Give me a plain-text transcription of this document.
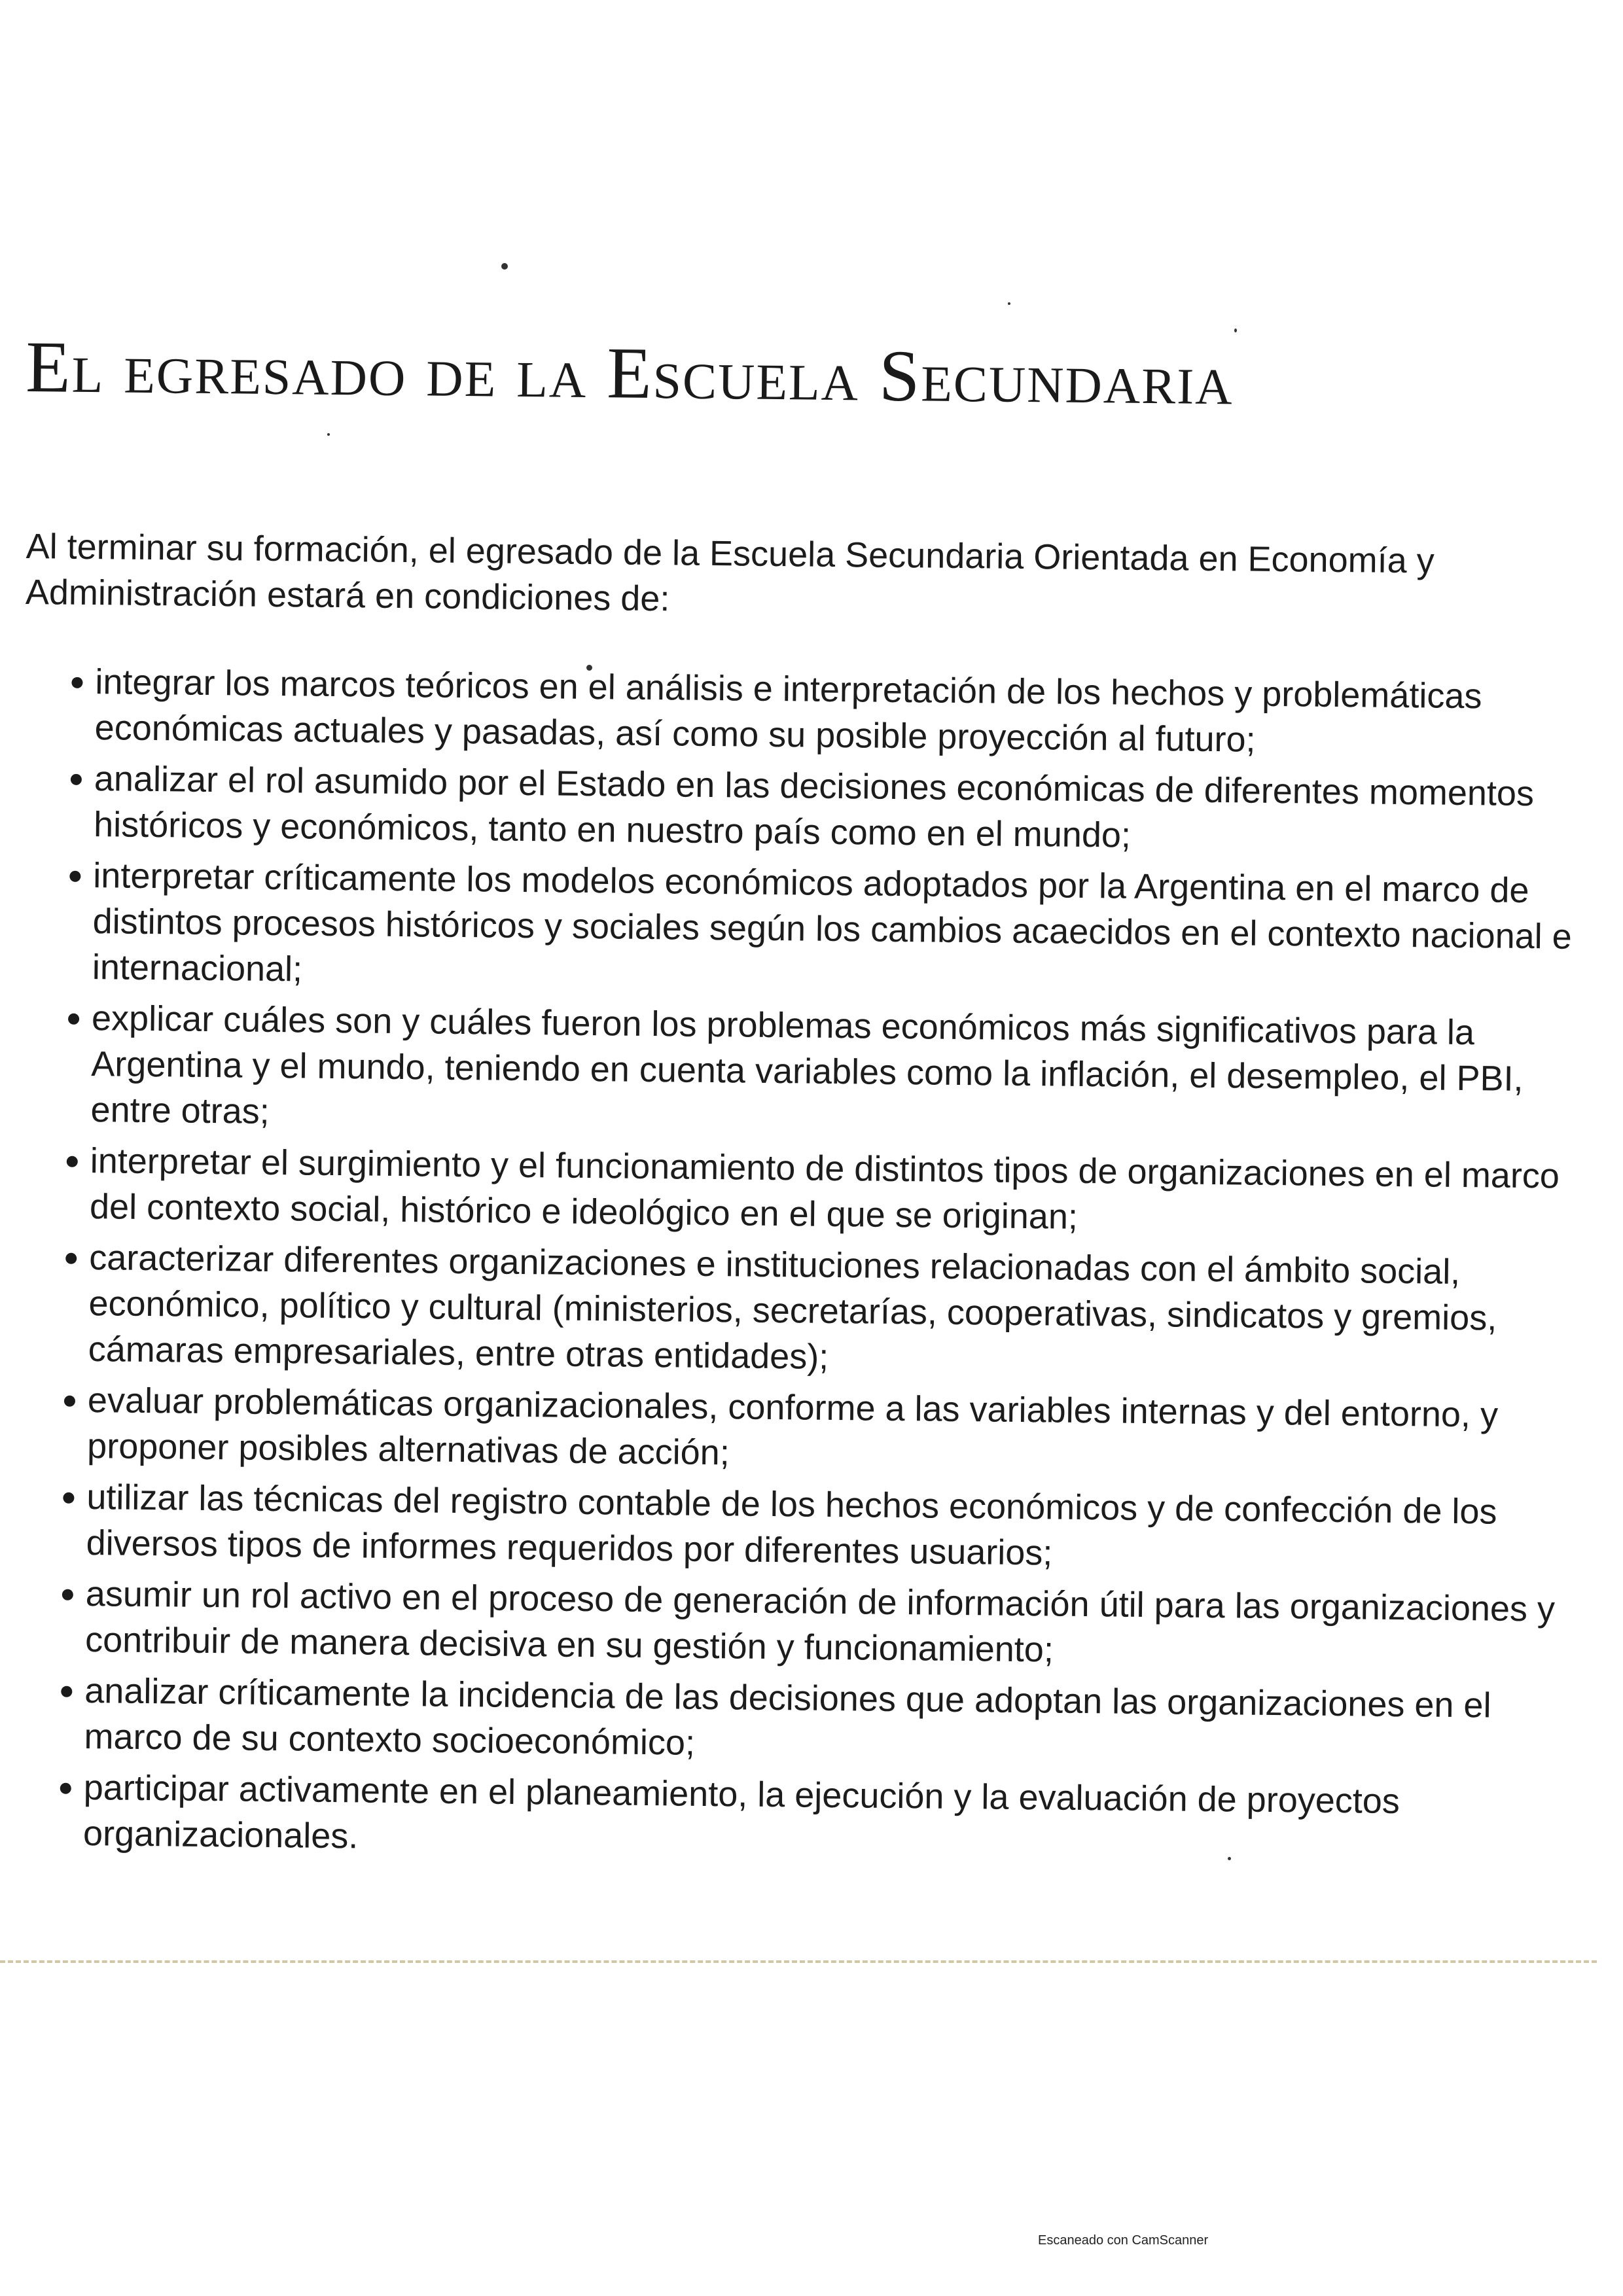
El egresado de la Escuela Secundaria

Al terminar su formación, el egresado de la Escuela Secundaria Orientada en Economía y Administración estará en condiciones de:

integrar los marcos teóricos en el análisis e interpretación de los hechos y problemáticas económicas actuales y pasadas, así como su posible proyección al futuro;
analizar el rol asumido por el Estado en las decisiones económicas de diferentes momentos históricos y económicos, tanto en nuestro país como en el mundo;
interpretar críticamente los modelos económicos adoptados por la Argentina en el marco de distintos procesos históricos y sociales según los cambios acaecidos en el contexto nacional e internacional;
explicar cuáles son y cuáles fueron los problemas económicos más significativos para la Argentina y el mundo, teniendo en cuenta variables como la inflación, el desempleo, el PBI, entre otras;
interpretar el surgimiento y el funcionamiento de distintos tipos de organizaciones en el marco del contexto social, histórico e ideológico en el que se originan;
caracterizar diferentes organizaciones e instituciones relacionadas con el ámbito social, económico, político y cultural (ministerios, secretarías, cooperativas, sindicatos y gremios, cámaras empresariales, entre otras entidades);
evaluar problemáticas organizacionales, conforme a las variables internas y del entorno, y proponer posibles alternativas de acción;
utilizar las técnicas del registro contable de los hechos económicos y de confección de los diversos tipos de informes requeridos por diferentes usuarios;
asumir un rol activo en el proceso de generación de información útil para las organizaciones y contribuir de manera decisiva en su gestión y funcionamiento;
analizar críticamente la incidencia de las decisiones que adoptan las organizaciones en el marco de su contexto socioeconómico;
participar activamente en el planeamiento, la ejecución y la evaluación de proyectos organizacionales.
Escaneado con CamScanner
